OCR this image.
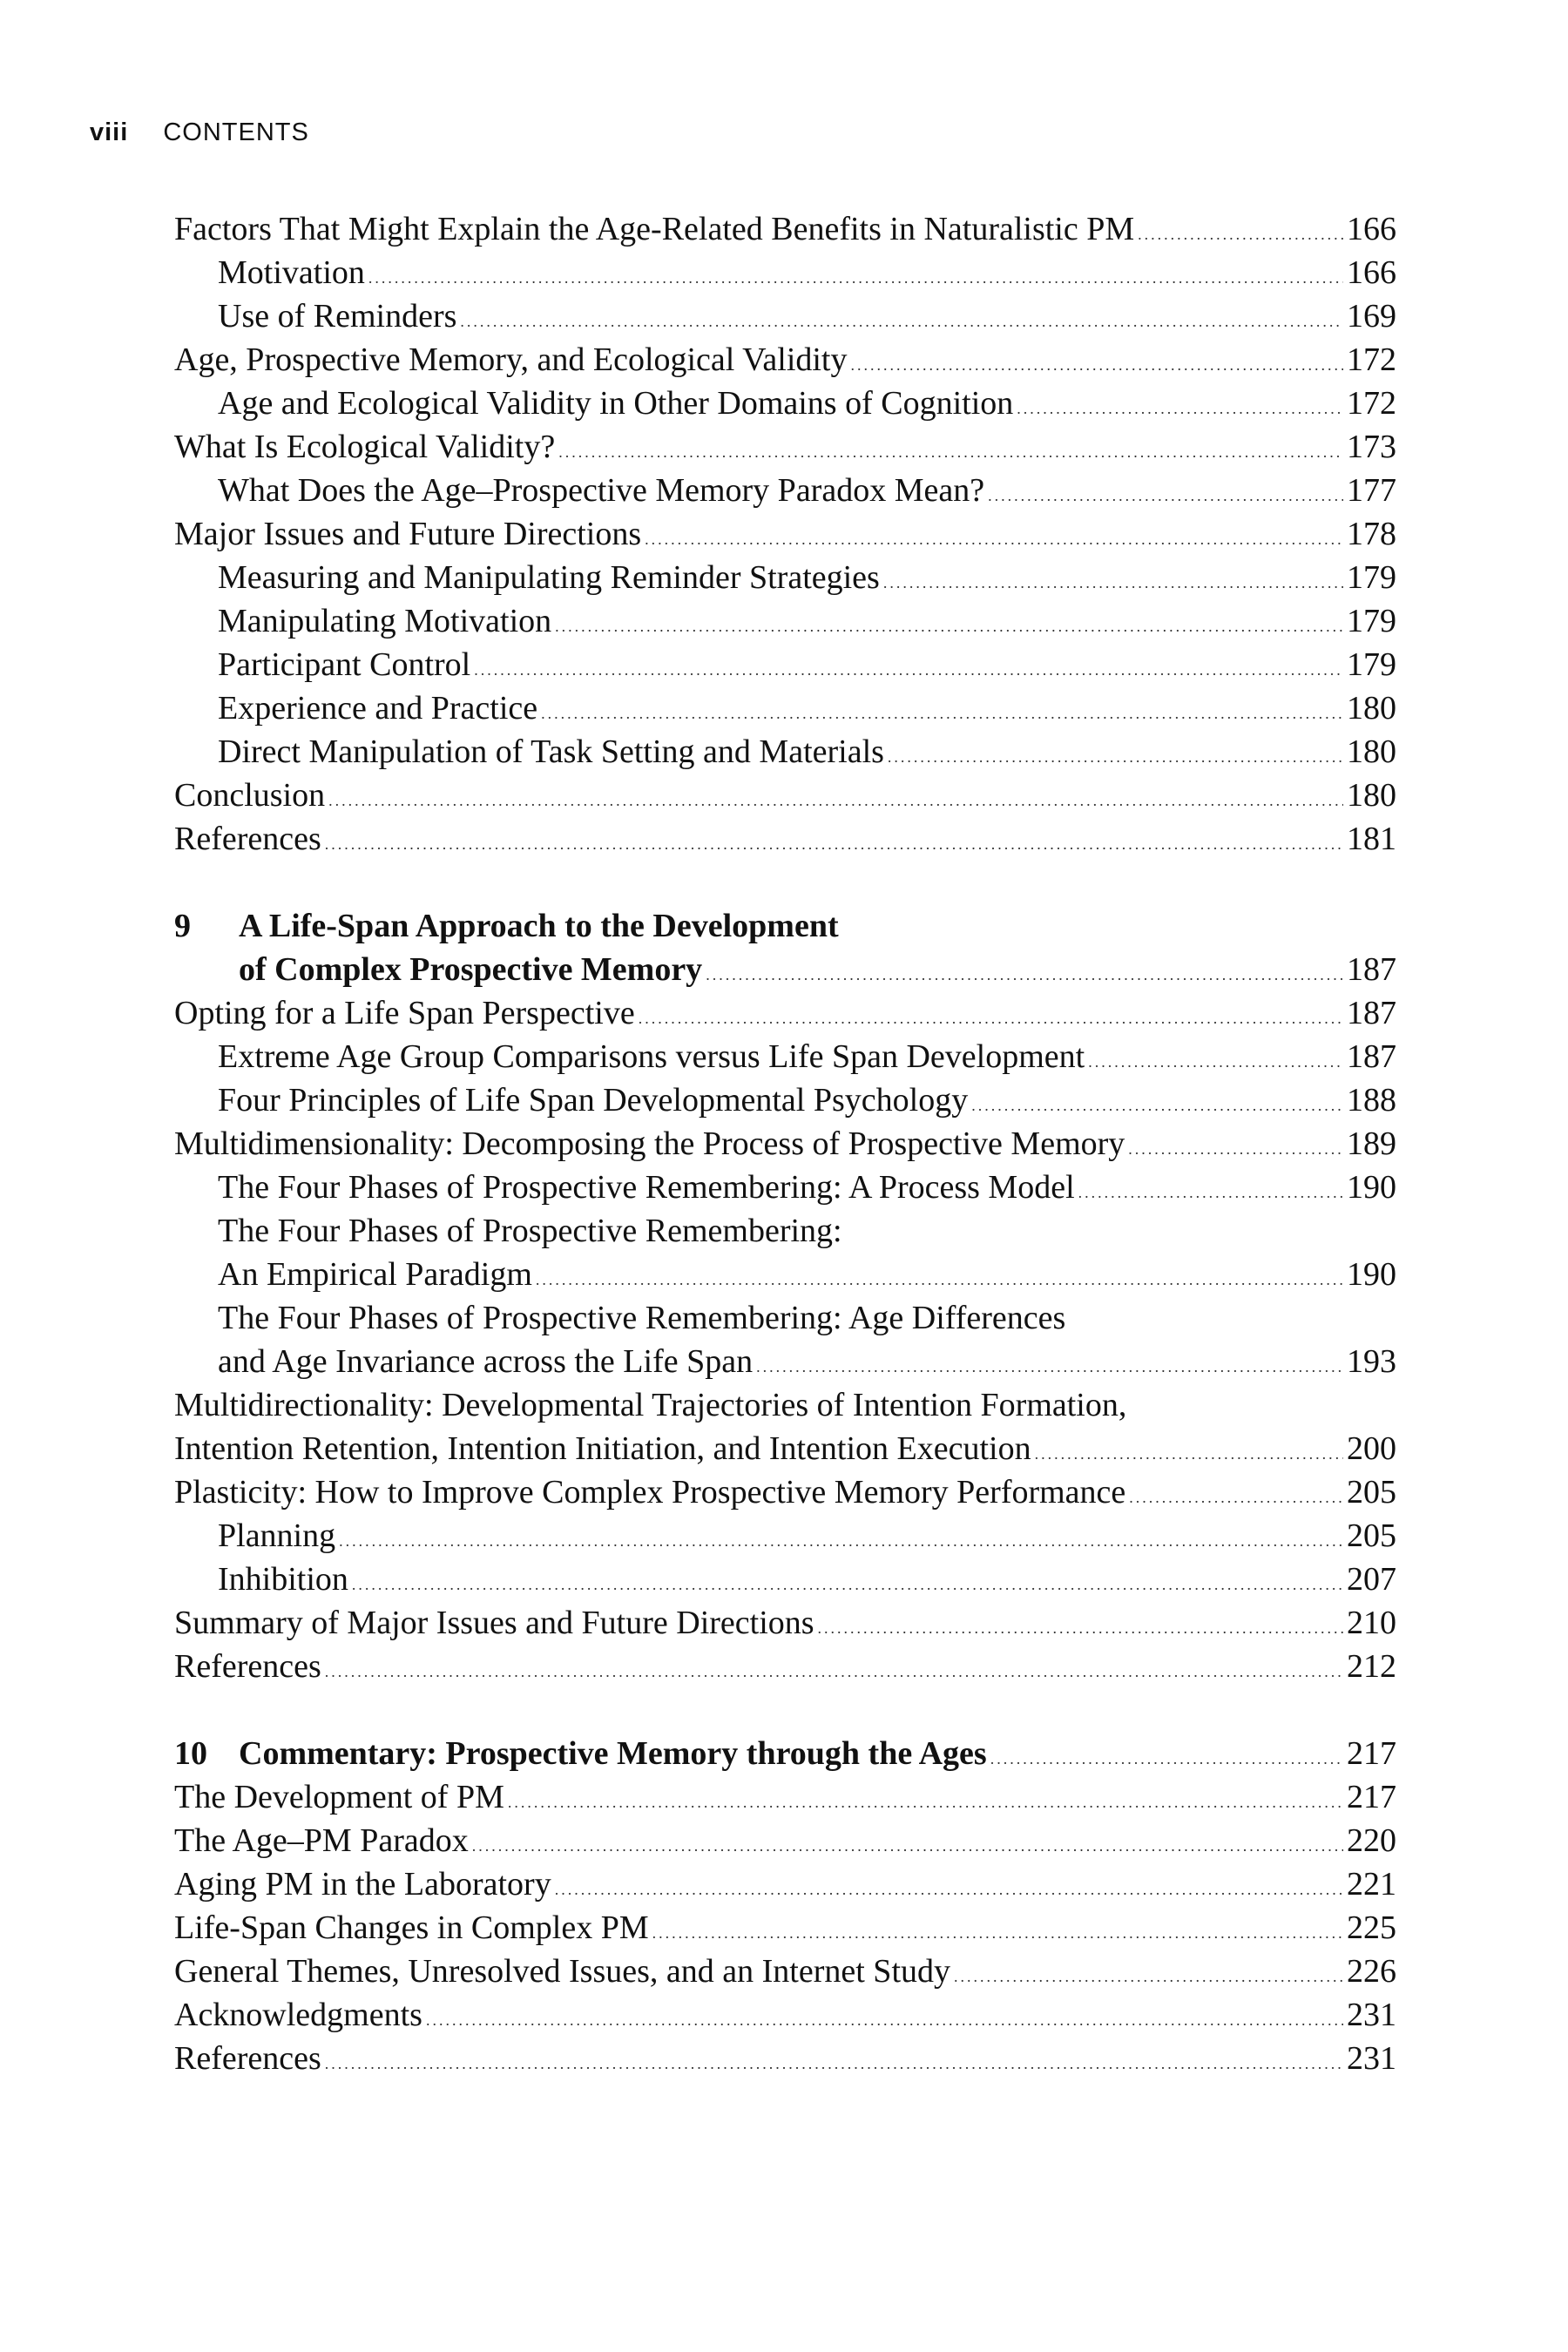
viii CONTENTS
Factors That Might Explain the Age-Related Benefits in Naturalistic PM .....	166
Motivation .....	166
Use of Reminders .....	169
Age, Prospective Memory, and Ecological Validity .....	172
Age and Ecological Validity in Other Domains of Cognition .....	172
What Is Ecological Validity? .....	173
What Does the Age–Prospective Memory Paradox Mean? .....	177
Major Issues and Future Directions .....	178
Measuring and Manipulating Reminder Strategies .....	179
Manipulating Motivation .....	179
Participant Control .....	179
Experience and Practice .....	180
Direct Manipulation of Task Setting and Materials .....	180
Conclusion .....	180
References .....	181
9 A Life-Span Approach to the Development
of Complex Prospective Memory .....	187
Opting for a Life Span Perspective .....	187
Extreme Age Group Comparisons versus Life Span Development .....	187
Four Principles of Life Span Developmental Psychology .....	188
Multidimensionality: Decomposing the Process of Prospective Memory .....	189
The Four Phases of Prospective Remembering: A Process Model .....	190
The Four Phases of Prospective Remembering:
An Empirical Paradigm .....	190
The Four Phases of Prospective Remembering: Age Differences
and Age Invariance across the Life Span .....	193
Multidirectionality: Developmental Trajectories of Intention Formation,
Intention Retention, Intention Initiation, and Intention Execution .....	200
Plasticity: How to Improve Complex Prospective Memory Performance .....	205
Planning .....	205
Inhibition .....	207
Summary of Major Issues and Future Directions .....	210
References .....	212
10 Commentary: Prospective Memory through the Ages .....	217
The Development of PM .....	217
The Age–PM Paradox .....	220
Aging PM in the Laboratory .....	221
Life-Span Changes in Complex PM .....	225
General Themes, Unresolved Issues, and an Internet Study .....	226
Acknowledgments .....	231
References .....	231
